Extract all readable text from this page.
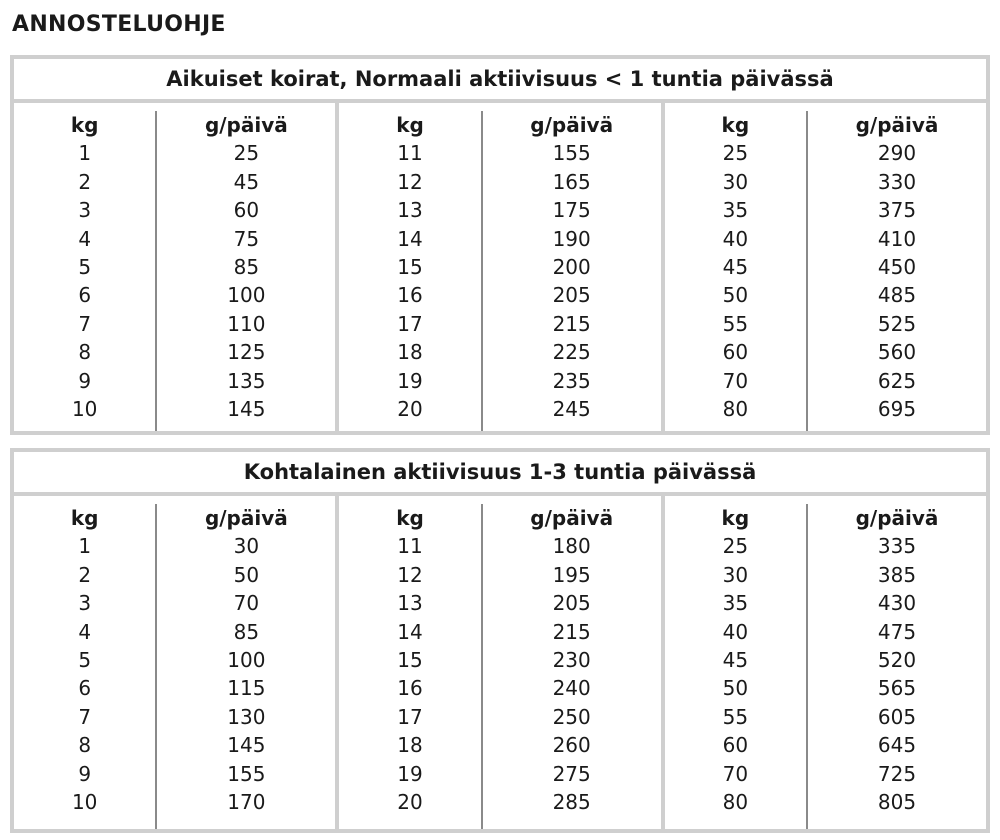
ANNOSTELUOHJE
Aikuiset koirat, Normaali aktiivisuus < 1 tuntia päivässä
kg
1
2
3
4
5
6
7
8
9
10
g/päivä
25
45
60
75
85
100
110
125
135
145
kg
11
12
13
14
15
16
17
18
19
20
g/päivä
155
165
175
190
200
205
215
225
235
245
kg
25
30
35
40
45
50
55
60
70
80
g/päivä
290
330
375
410
450
485
525
560
625
695
Kohtalainen aktiivisuus 1-3 tuntia päivässä
kg
1
2
3
4
5
6
7
8
9
10
g/päivä
30
50
70
85
100
115
130
145
155
170
kg
11
12
13
14
15
16
17
18
19
20
g/päivä
180
195
205
215
230
240
250
260
275
285
kg
25
30
35
40
45
50
55
60
70
80
g/päivä
335
385
430
475
520
565
605
645
725
805
